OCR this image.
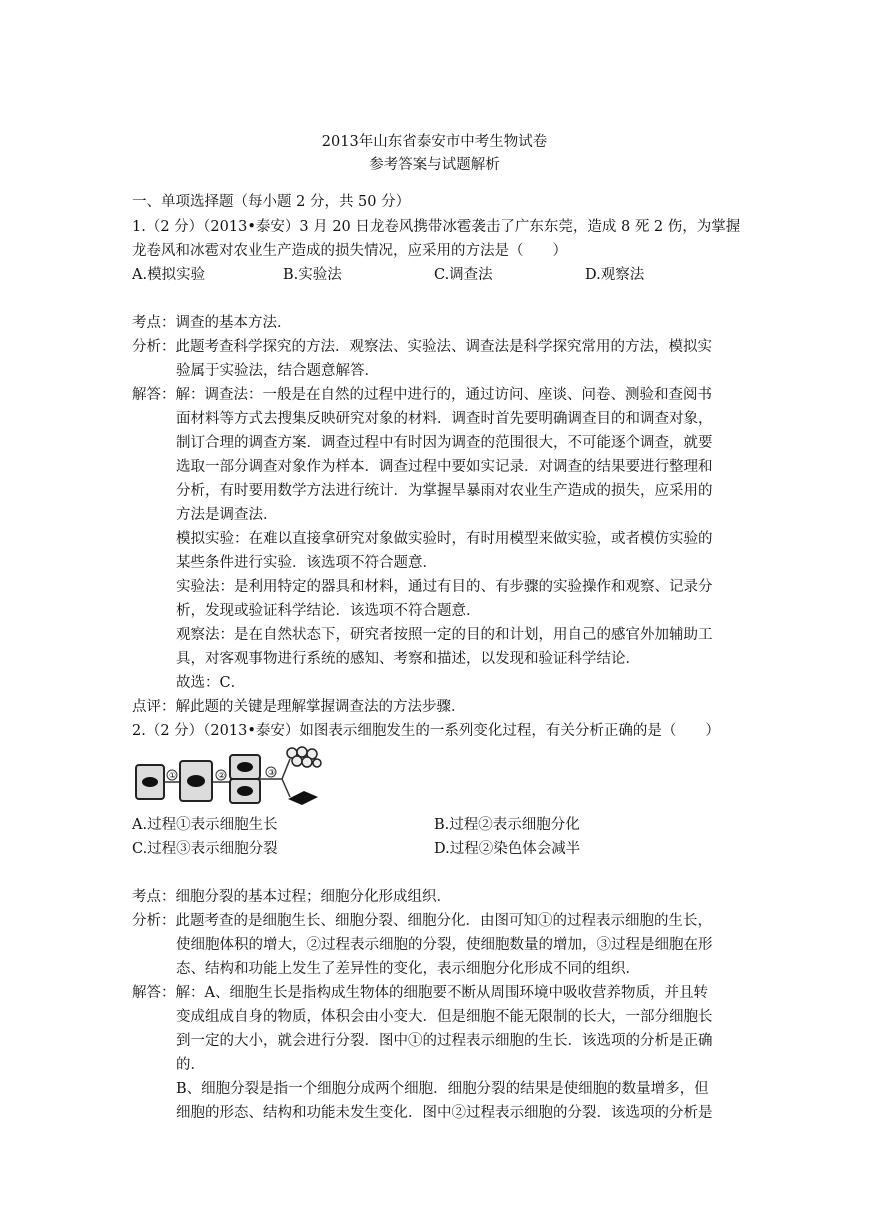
2013年山东省泰安市中考生物试卷
参考答案与试题解析
一、单项选择题（每小题 2 分，共 50 分）
1.（2 分）（2013•泰安）3 月 20 日龙卷风携带冰雹袭击了广东东莞，造成 8 死 2 伤，为掌握
龙卷风和冰雹对农业生产造成的损失情况，应采用的方法是（　　）
A.模拟实验	B.实验法	C.调查法	D.观察法
考点：调查的基本方法．
分析：此题考查科学探究的方法．观察法、实验法、调查法是科学探究常用的方法，模拟实
验属于实验法，结合题意解答．
解答：解：调查法：一般是在自然的过程中进行的，通过访问、座谈、问卷、测验和查阅书
面材料等方式去搜集反映研究对象的材料．调查时首先要明确调查目的和调查对象，
制订合理的调查方案．调查过程中有时因为调查的范围很大，不可能逐个调查，就要
选取一部分调查对象作为样本．调查过程中要如实记录．对调查的结果要进行整理和
分析，有时要用数学方法进行统计．为掌握旱暴雨对农业生产造成的损失，应采用的
方法是调查法．
模拟实验：在难以直接拿研究对象做实验时，有时用模型来做实验，或者模仿实验的
某些条件进行实验．该选项不符合题意．
实验法：是利用特定的器具和材料，通过有目的、有步骤的实验操作和观察、记录分
析，发现或验证科学结论．该选项不符合题意．
观察法：是在自然状态下，研究者按照一定的目的和计划，用自己的感官外加辅助工
具，对客观事物进行系统的感知、考察和描述，以发现和验证科学结论．
故选：C．
点评：解此题的关键是理解掌握调查法的方法步骤．
2.（2 分）（2013•泰安）如图表示细胞发生的一系列变化过程，有关分析正确的是（　　）
①	②	③
A.过程①表示细胞生长	B.过程②表示细胞分化
C.过程③表示细胞分裂	D.过程②染色体会减半
考点：细胞分裂的基本过程；细胞分化形成组织．
分析：此题考查的是细胞生长、细胞分裂、细胞分化．由图可知①的过程表示细胞的生长，
使细胞体积的增大，②过程表示细胞的分裂，使细胞数量的增加，③过程是细胞在形
态、结构和功能上发生了差异性的变化，表示细胞分化形成不同的组织．
解答：解：A、细胞生长是指构成生物体的细胞要不断从周围环境中吸收营养物质，并且转
变成组成自身的物质，体积会由小变大．但是细胞不能无限制的长大，一部分细胞长
到一定的大小，就会进行分裂．图中①的过程表示细胞的生长．该选项的分析是正确
的．
B、细胞分裂是指一个细胞分成两个细胞．细胞分裂的结果是使细胞的数量增多，但
细胞的形态、结构和功能未发生变化．图中②过程表示细胞的分裂．该选项的分析是
